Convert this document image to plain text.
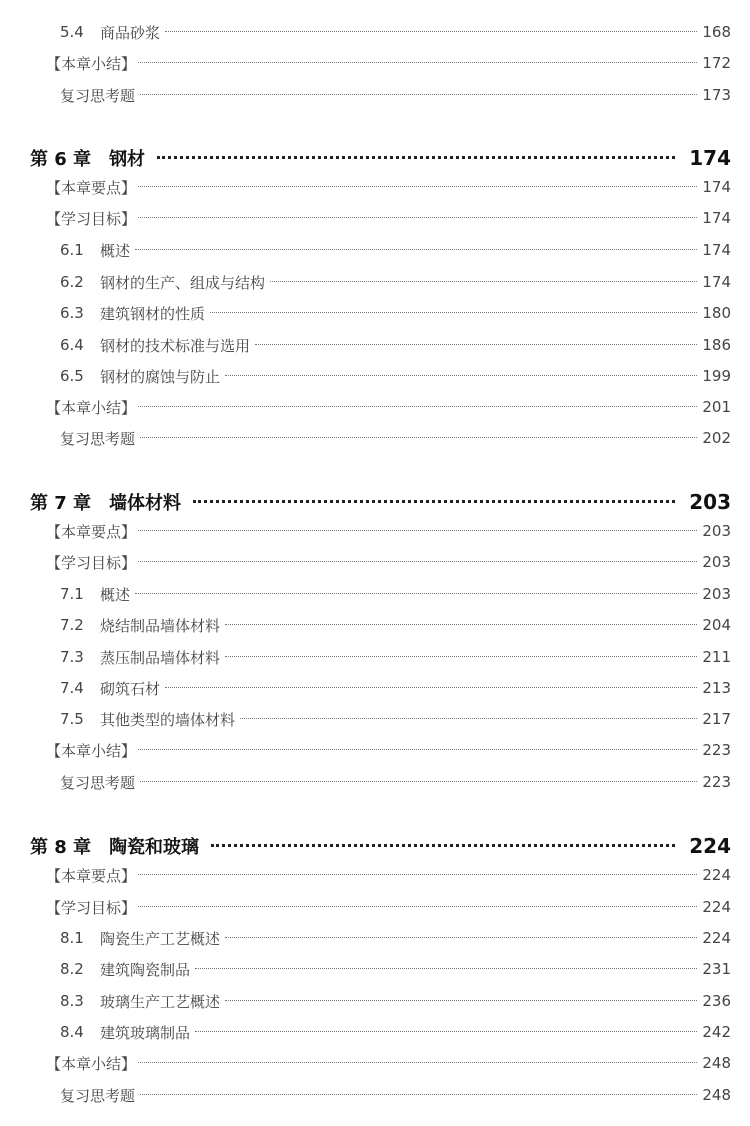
5.4	商品砂浆	168
【本章小结】	172
复习思考题	173
第 6 章 钢材	174
【本章要点】	174
【学习目标】	174
6.1	概述	174
6.2	钢材的生产、组成与结构	174
6.3	建筑钢材的性质	180
6.4	钢材的技术标准与选用	186
6.5	钢材的腐蚀与防止	199
【本章小结】	201
复习思考题	202
第 7 章 墙体材料	203
【本章要点】	203
【学习目标】	203
7.1	概述	203
7.2	烧结制品墙体材料	204
7.3	蒸压制品墙体材料	211
7.4	砌筑石材	213
7.5	其他类型的墙体材料	217
【本章小结】	223
复习思考题	223
第 8 章 陶瓷和玻璃	224
【本章要点】	224
【学习目标】	224
8.1	陶瓷生产工艺概述	224
8.2	建筑陶瓷制品	231
8.3	玻璃生产工艺概述	236
8.4	建筑玻璃制品	242
【本章小结】	248
复习思考题	248
